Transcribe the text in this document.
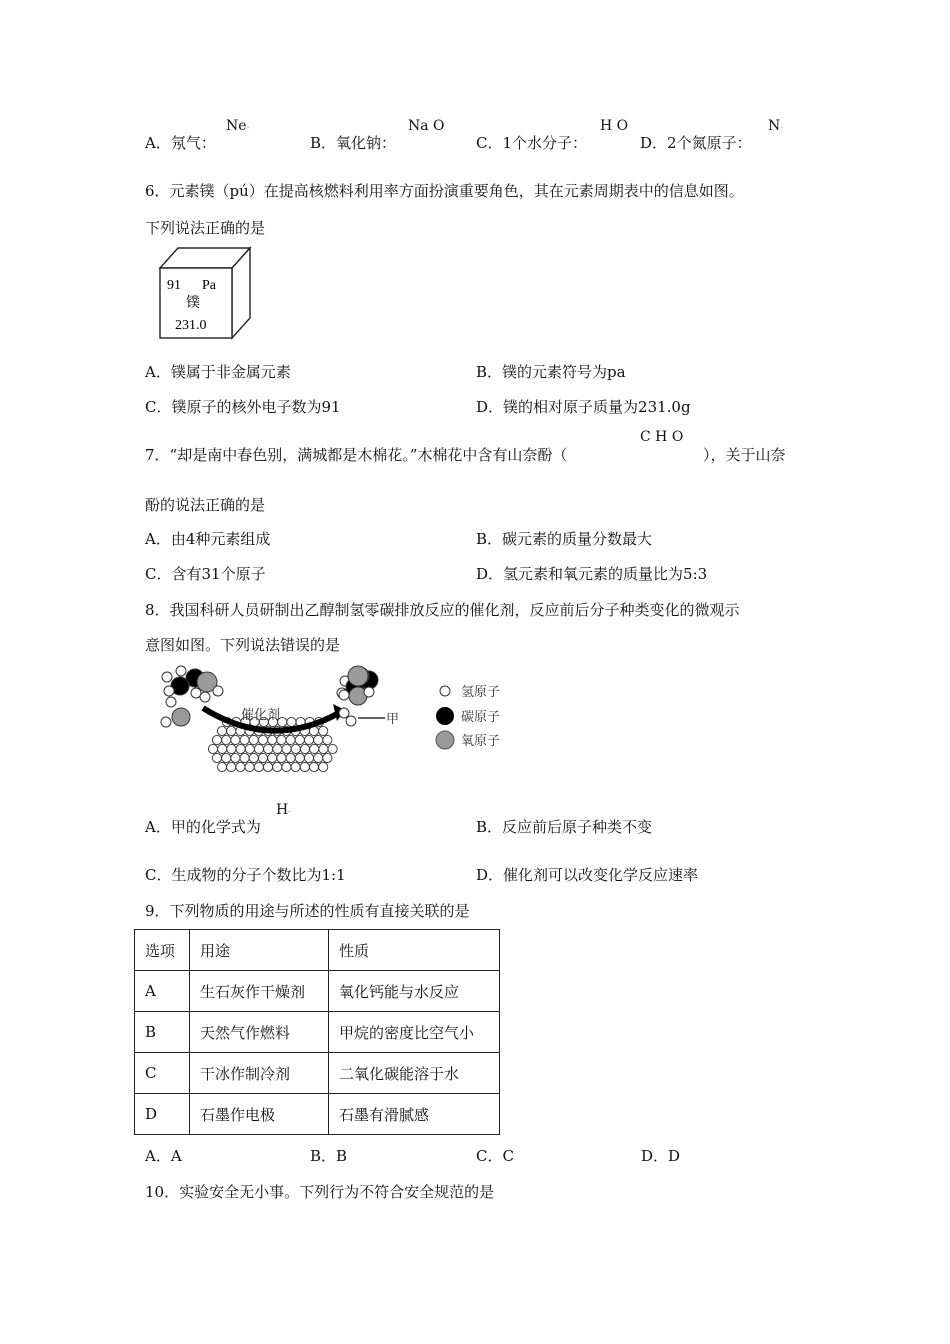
A．氖气：
Ne-
B．氧化钠：
Na O
C．1个水分子：
H O
D．2个氮原子：
N-
6．元素镤（pú）在提高核燃料利用率方面扮演重要角色，其在元素周期表中的信息如图。
下列说法正确的是
91 Pa
镤
231.0
A．镤属于非金属元素	B．镤的元素符号为pa
C．镤原子的核外电子数为91	D．镤的相对原子质量为231.0g
7．“却是南中春色别，满城都是木棉花。”木棉花中含有山奈酚（
C H O
），关于山奈
酚的说法正确的是
A．由4种元素组成	B．碳元素的质量分数最大
C．含有31个原子	D．氢元素和氧元素的质量比为5:3
8．我国科研人员研制出乙醇制氢零碳排放反应的催化剂，反应前后分子种类变化的微观示
意图如图。下列说法错误的是
催化剂	甲
氢原子
碳原子
氧原子
A．甲的化学式为
H-
B．反应前后原子种类不变
C．生成物的分子个数比为1:1	D．催化剂可以改变化学反应速率
9．下列物质的用途与所述的性质有直接关联的是
选项	用途	性质
A	生石灰作干燥剂	氧化钙能与水反应
B	天然气作燃料	甲烷的密度比空气小
C	干冰作制冷剂	二氧化碳能溶于水
D	石墨作电极	石墨有滑腻感
A．A	B．B	C．C	D．D
10．实验安全无小事。下列行为不符合安全规范的是
